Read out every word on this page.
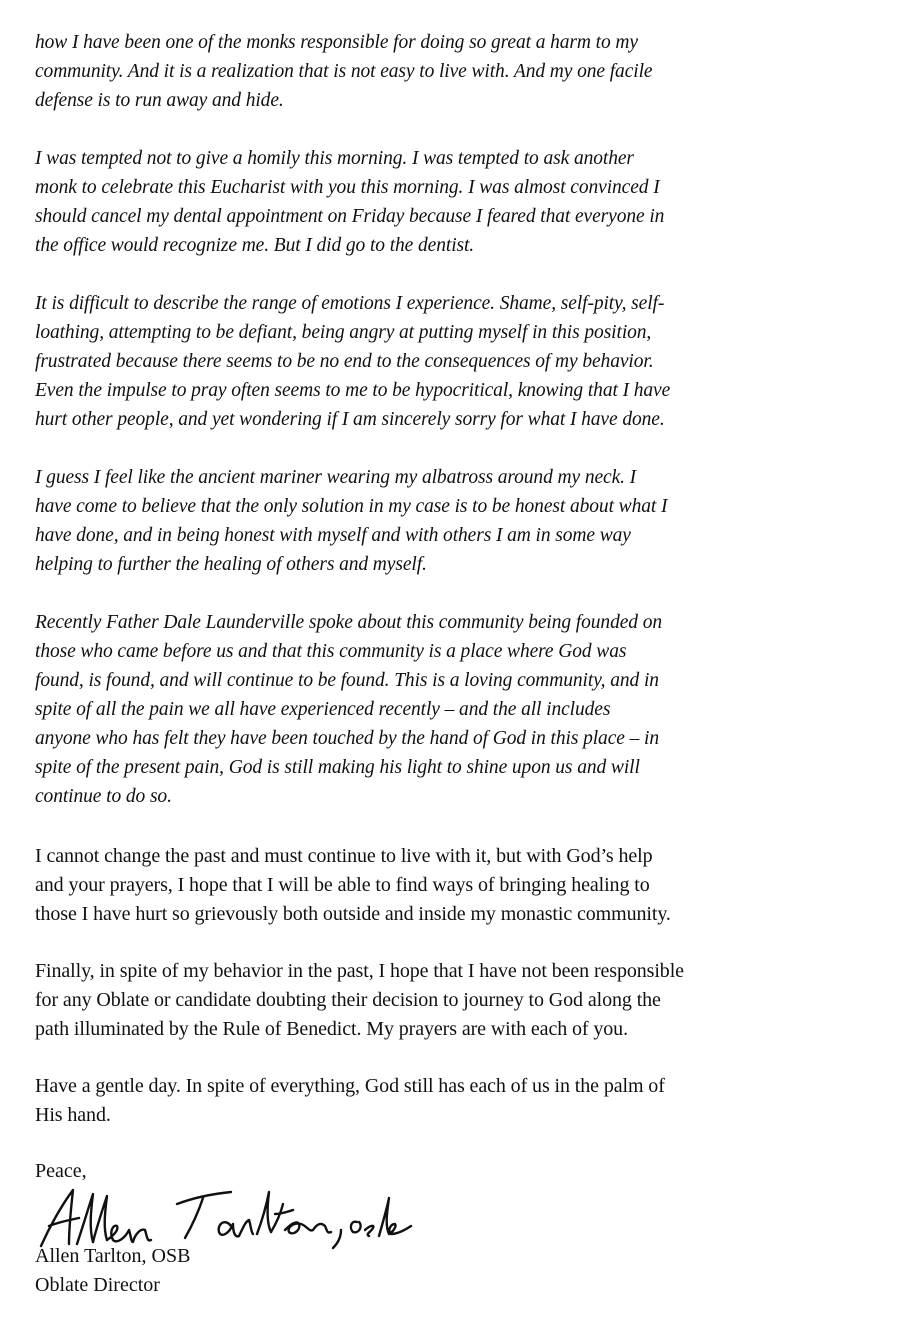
how I have been one of the monks responsible for doing so great a harm to my
community. And it is a realization that is not easy to live with. And my one facile
defense is to run away and hide.

I was tempted not to give a homily this morning. I was tempted to ask another
monk to celebrate this Eucharist with you this morning. I was almost convinced I
should cancel my dental appointment on Friday because I feared that everyone in
the office would recognize me. But I did go to the dentist.

It is difficult to describe the range of emotions I experience. Shame, self-pity, self-
loathing, attempting to be defiant, being angry at putting myself in this position,
frustrated because there seems to be no end to the consequences of my behavior.
Even the impulse to pray often seems to me to be hypocritical, knowing that I have
hurt other people, and yet wondering if I am sincerely sorry for what I have done.

I guess I feel like the ancient mariner wearing my albatross around my neck. I
have come to believe that the only solution in my case is to be honest about what I
have done, and in being honest with myself and with others I am in some way
helping to further the healing of others and myself.

Recently Father Dale Launderville spoke about this community being founded on
those who came before us and that this community is a place where God was
found, is found, and will continue to be found. This is a loving community, and in
spite of all the pain we all have experienced recently – and the all includes
anyone who has felt they have been touched by the hand of God in this place – in
spite of the present pain, God is still making his light to shine upon us and will
continue to do so.

I cannot change the past and must continue to live with it, but with God’s help
and your prayers, I hope that I will be able to find ways of bringing healing to
those I have hurt so grievously both outside and inside my monastic community.

Finally, in spite of my behavior in the past, I hope that I have not been responsible
for any Oblate or candidate doubting their decision to journey to God along the
path illuminated by the Rule of Benedict. My prayers are with each of you.

Have a gentle day. In spite of everything, God still has each of us in the palm of
His hand.

Peace,
Allen Tarlton, OSB
Oblate Director
